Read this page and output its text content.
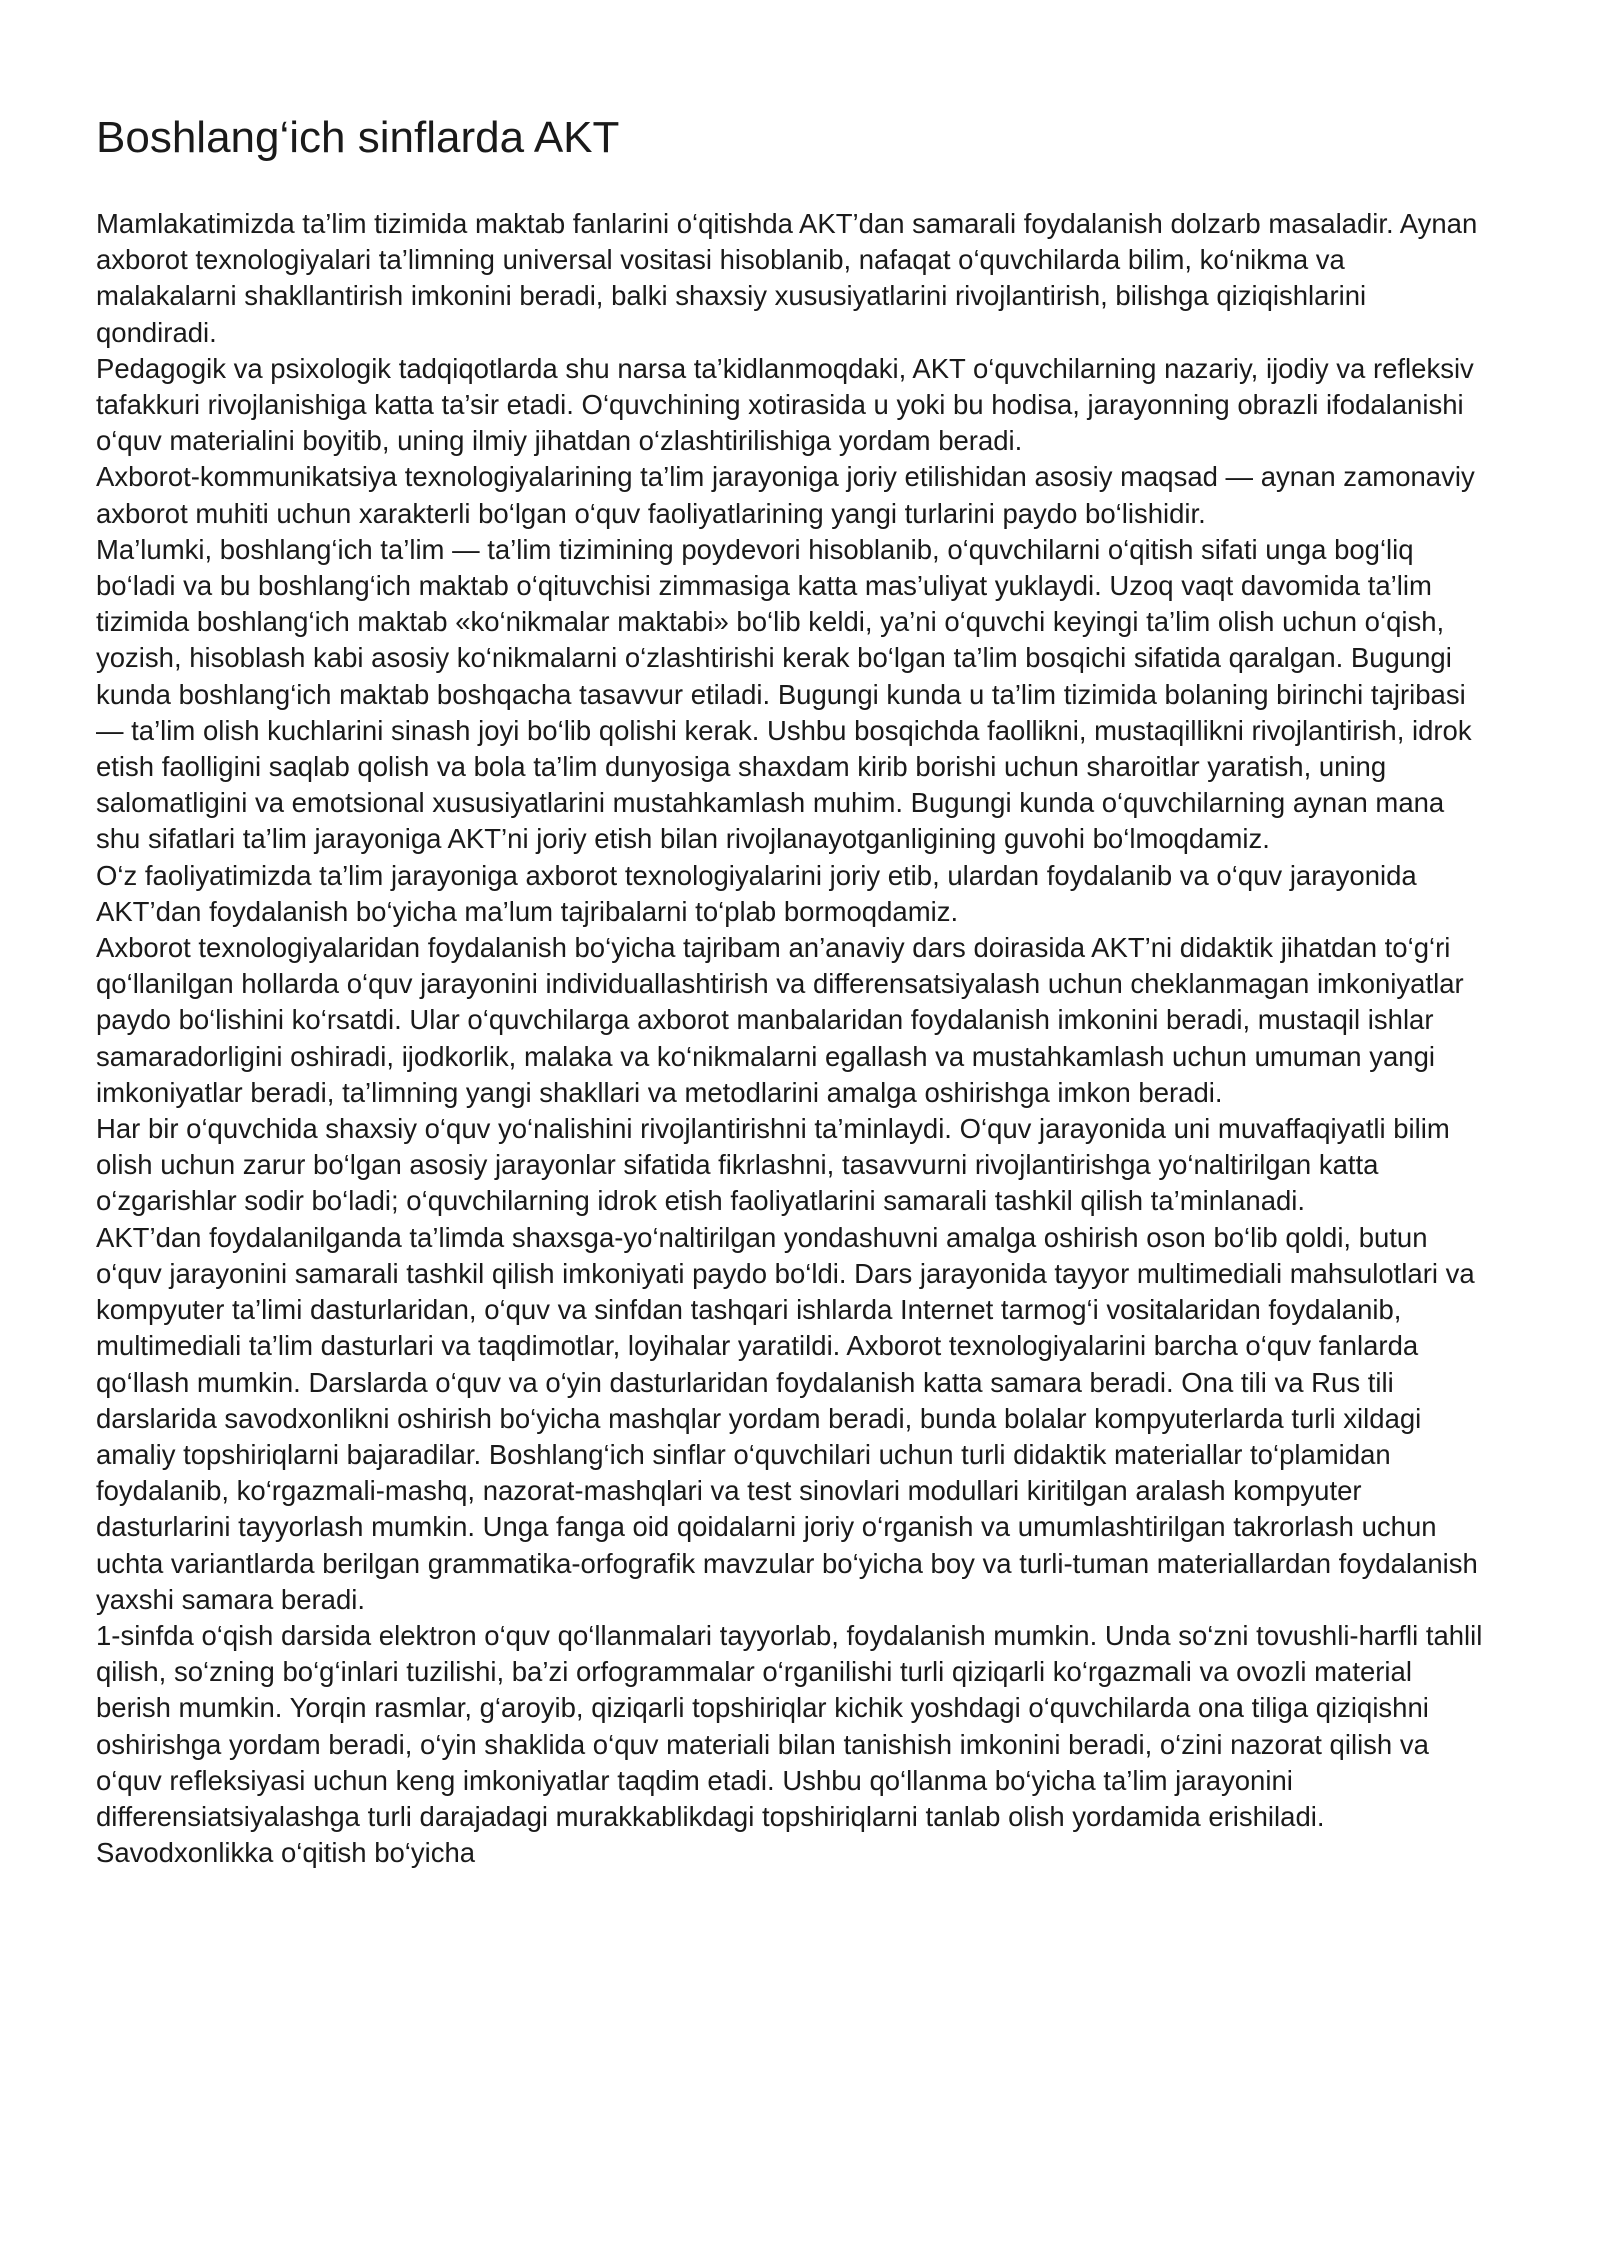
Boshlang‘ich sinflarda AKT

Mamlakatimizda ta’lim tizimida maktab fanlarini o‘qitishda AKT’dan samarali foydalanish dolzarb masaladir. Aynan axborot texnologiyalari ta’limning universal vositasi hisoblanib, nafaqat o‘quvchilarda bilim, ko‘nikma va malakalarni shakllantirish imkonini beradi, balki shaxsiy xususiyatlarini rivojlantirish, bilishga qiziqishlarini qondiradi.

Pedagogik va psixologik tadqiqotlarda shu narsa ta’kidlanmoqdaki, AKT o‘quvchilarning nazariy, ijodiy va refleksiv tafakkuri rivojlanishiga katta ta’sir etadi. O‘quvchining xotirasida u yoki bu hodisa, jarayonning obrazli ifodalanishi o‘quv materialini boyitib, uning ilmiy jihatdan o‘zlashtirilishiga yordam beradi.

Axborot-kommunikatsiya texnologiyalarining ta’lim jarayoniga joriy etilishidan asosiy maqsad — aynan zamonaviy axborot muhiti uchun xarakterli bo‘lgan o‘quv faoliyatlarining yangi turlarini paydo bo‘lishidir.

Ma’lumki, boshlang‘ich ta’lim — ta’lim tizimining poydevori hisoblanib, o‘quvchilarni o‘qitish sifati unga bog‘liq bo‘ladi va bu boshlang‘ich maktab o‘qituvchisi zimmasiga katta mas’uliyat yuklaydi. Uzoq vaqt davomida ta’lim tizimida boshlang‘ich maktab «ko‘nikmalar maktabi» bo‘lib keldi, ya’ni o‘quvchi keyingi ta’lim olish uchun o‘qish, yozish, hisoblash kabi asosiy ko‘nikmalarni o‘zlashtirishi kerak bo‘lgan ta’lim bosqichi sifatida qaralgan. Bugungi kunda boshlang‘ich maktab boshqacha tasavvur etiladi. Bugungi kunda u ta’lim tizimida bolaning birinchi tajribasi — ta’lim olish kuchlarini sinash joyi bo‘lib qolishi kerak. Ushbu bosqichda faollikni, mustaqillikni rivojlantirish, idrok etish faolligini saqlab qolish va bola ta’lim dunyosiga shaxdam kirib borishi uchun sharoitlar yaratish, uning salomatligini va emotsional xususiyatlarini mustahkamlash muhim. Bugungi kunda o‘quvchilarning aynan mana shu sifatlari ta’lim jarayoniga AKT’ni joriy etish bilan rivojlanayotganligining guvohi bo‘lmoqdamiz.

O‘z faoliyatimizda ta’lim jarayoniga axborot texnologiyalarini joriy etib, ulardan foydalanib va o‘quv jarayonida AKT’dan foydalanish bo‘yicha ma’lum tajribalarni to‘plab bormoqdamiz.

Axborot texnologiyalaridan foydalanish bo‘yicha tajribam an’anaviy dars doirasida AKT’ni didaktik jihatdan to‘g‘ri qo‘llanilgan hollarda o‘quv jarayonini individuallashtirish va differensatsiyalash uchun cheklanmagan imkoniyatlar paydo bo‘lishini ko‘rsatdi. Ular o‘quvchilarga axborot manbalaridan foydalanish imkonini beradi, mustaqil ishlar samaradorligini oshiradi, ijodkorlik, malaka va ko‘nikmalarni egallash va mustahkamlash uchun umuman yangi imkoniyatlar beradi, ta’limning yangi shakllari va metodlarini amalga oshirishga imkon beradi.

Har bir o‘quvchida shaxsiy o‘quv yo‘nalishini rivojlantirishni ta’minlaydi. O‘quv jarayonida uni muvaffaqiyatli bilim olish uchun zarur bo‘lgan asosiy jarayonlar sifatida fikrlashni, tasavvurni rivojlantirishga yo‘naltirilgan katta o‘zgarishlar sodir bo‘ladi; o‘quvchilarning idrok etish faoliyatlarini samarali tashkil qilish ta’minlanadi.

AKT’dan foydalanilganda ta’limda shaxsga-yo‘naltirilgan yondashuvni amalga oshirish oson bo‘lib qoldi, butun o‘quv jarayonini samarali tashkil qilish imkoniyati paydo bo‘ldi. Dars jarayonida tayyor multimediali mahsulotlari va kompyuter ta’limi dasturlaridan, o‘quv va sinfdan tashqari ishlarda Internet tarmog‘i vositalaridan foydalanib, multimediali ta’lim dasturlari va taqdimotlar, loyihalar yaratildi. Axborot texnologiyalarini barcha o‘quv fanlarda qo‘llash mumkin. Darslarda o‘quv va o‘yin dasturlaridan foydalanish katta samara beradi. Ona tili va Rus tili darslarida savodxonlikni oshirish bo‘yicha mashqlar yordam beradi, bunda bolalar kompyuterlarda turli xildagi amaliy topshiriqlarni bajaradilar. Boshlang‘ich sinflar o‘quvchilari uchun turli didaktik materiallar to‘plamidan foydalanib, ko‘rgazmali-mashq, nazorat-mashqlari va test sinovlari modullari kiritilgan aralash kompyuter dasturlarini tayyorlash mumkin. Unga fanga oid qoidalarni joriy o‘rganish va umumlashtirilgan takrorlash uchun uchta variantlarda berilgan grammatika-orfografik mavzular bo‘yicha boy va turli-tuman materiallardan foydalanish yaxshi samara beradi.

1-sinfda o‘qish darsida elektron o‘quv qo‘llanmalari tayyorlab, foydalanish mumkin. Unda so‘zni tovushli-harfli tahlil qilish, so‘zning bo‘g‘inlari tuzilishi, ba’zi orfogrammalar o‘rganilishi turli qiziqarli ko‘rgazmali va ovozli material berish mumkin. Yorqin rasmlar, g‘aroyib, qiziqarli topshiriqlar kichik yoshdagi o‘quvchilarda ona tiliga qiziqishni oshirishga yordam beradi, o‘yin shaklida o‘quv materiali bilan tanishish imkonini beradi, o‘zini nazorat qilish va o‘quv refleksiyasi uchun keng imkoniyatlar taqdim etadi. Ushbu qo‘llanma bo‘yicha ta’lim jarayonini differensiatsiyalashga turli darajadagi murakkablikdagi topshiriqlarni tanlab olish yordamida erishiladi. Savodxonlikka o‘qitish bo‘yicha
